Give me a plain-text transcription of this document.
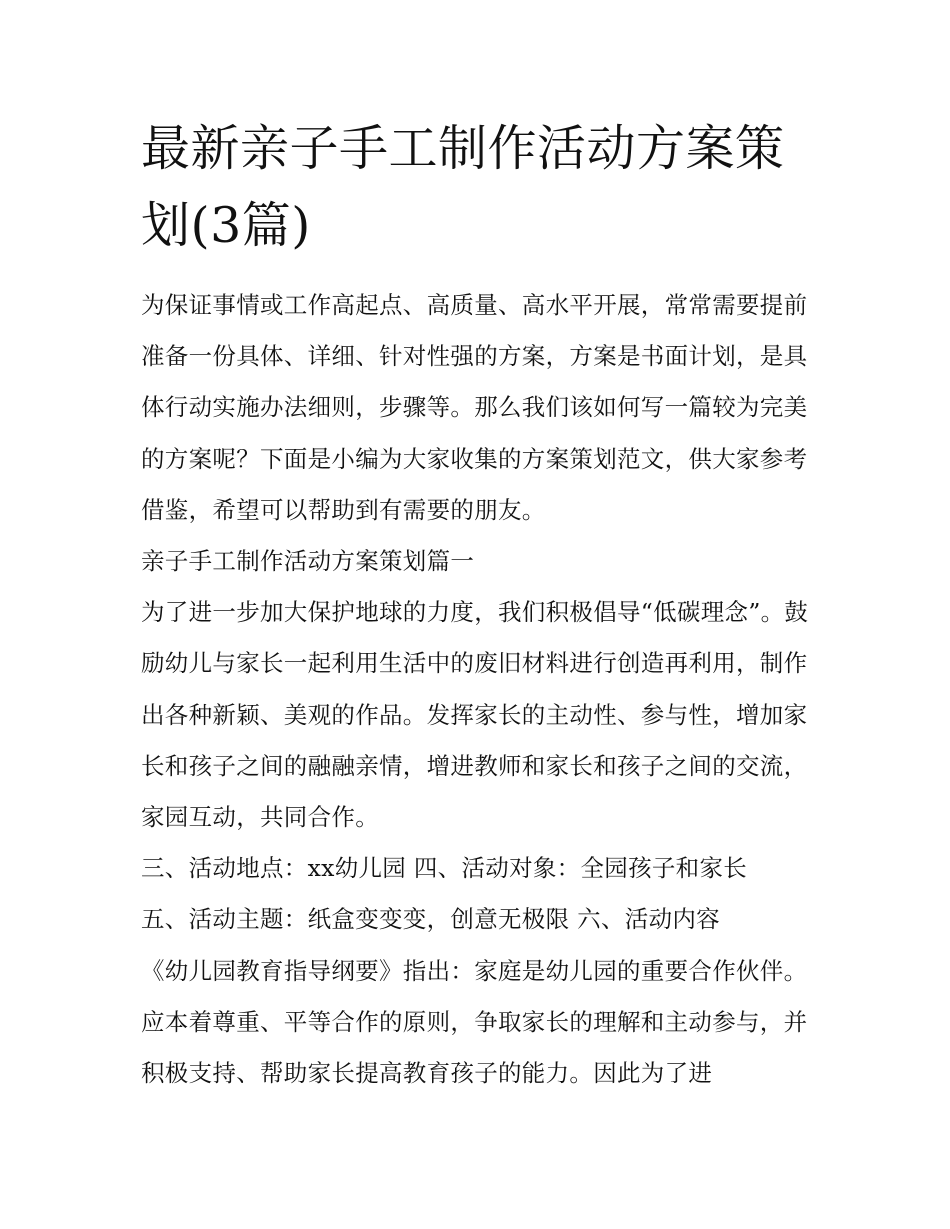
最新亲子手工制作活动方案策划(3篇)

为保证事情或工作高起点、高质量、高水平开展，常常需要提前准备一份具体、详细、针对性强的方案，方案是书面计划，是具体行动实施办法细则，步骤等。那么我们该如何写一篇较为完美的方案呢？下面是小编为大家收集的方案策划范文，供大家参考借鉴，希望可以帮助到有需要的朋友。

亲子手工制作活动方案策划篇一

为了进一步加大保护地球的力度，我们积极倡导“低碳理念”。鼓励幼儿与家长一起利用生活中的废旧材料进行创造再利用，制作出各种新颖、美观的作品。发挥家长的主动性、参与性，增加家长和孩子之间的融融亲情，增进教师和家长和孩子之间的交流，家园互动，共同合作。

三、活动地点：xx幼儿园 四、活动对象：全园孩子和家长

五、活动主题：纸盒变变变，创意无极限 六、活动内容

《幼儿园教育指导纲要》指出：家庭是幼儿园的重要合作伙伴。应本着尊重、平等合作的原则，争取家长的理解和主动参与，并积极支持、帮助家长提高教育孩子的能力。因此为了进
